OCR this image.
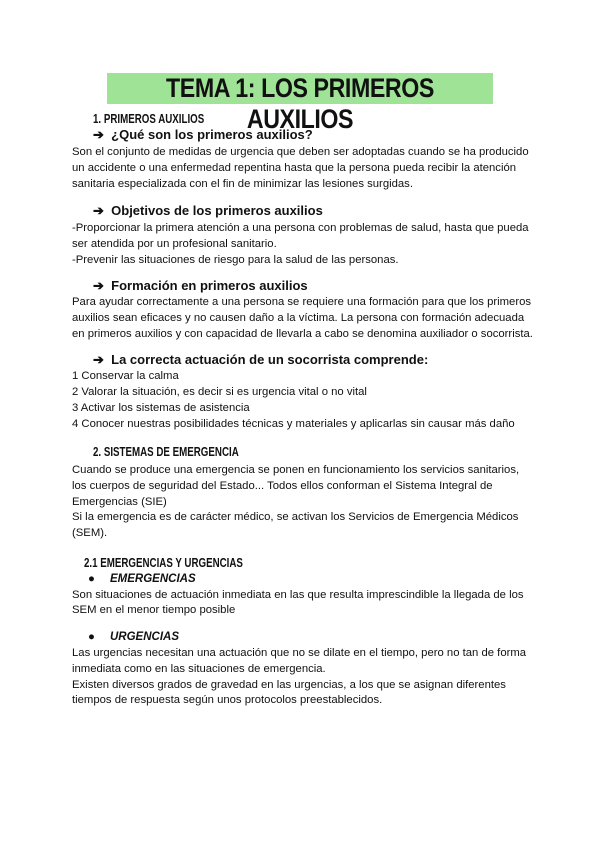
TEMA 1: LOS PRIMEROS AUXILIOS
1. PRIMEROS AUXILIOS
➔ ¿Qué son los primeros auxilios?
Son el conjunto de medidas de urgencia que deben ser adoptadas cuando se ha producido
un accidente o una enfermedad repentina hasta que la persona pueda recibir la atención
sanitaria especializada con el fin de minimizar las lesiones surgidas.
➔ Objetivos de los primeros auxilios
-Proporcionar la primera atención a una persona con problemas de salud, hasta que pueda
ser atendida por un profesional sanitario.
-Prevenir las situaciones de riesgo para la salud de las personas.
➔ Formación en primeros auxilios
Para ayudar correctamente a una persona se requiere una formación para que los primeros
auxilios sean eficaces y no causen daño a la víctima. La persona con formación adecuada
en primeros auxilios y con capacidad de llevarla a cabo se denomina auxiliador o socorrista.
➔ La correcta actuación de un socorrista comprende:
1 Conservar la calma
2 Valorar la situación, es decir si es urgencia vital o no vital
3 Activar los sistemas de asistencia
4 Conocer nuestras posibilidades técnicas y materiales y aplicarlas sin causar más daño
2. SISTEMAS DE EMERGENCIA
Cuando se produce una emergencia se ponen en funcionamiento los servicios sanitarios,
los cuerpos de seguridad del Estado... Todos ellos conforman el Sistema Integral de
Emergencias (SIE)
Si la emergencia es de carácter médico, se activan los Servicios de Emergencia Médicos
(SEM).
2.1 EMERGENCIAS Y URGENCIAS
● EMERGENCIAS
Son situaciones de actuación inmediata en las que resulta imprescindible la llegada de los
SEM en el menor tiempo posible
● URGENCIAS
Las urgencias necesitan una actuación que no se dilate en el tiempo, pero no tan de forma
inmediata como en las situaciones de emergencia.
Existen diversos grados de gravedad en las urgencias, a los que se asignan diferentes
tiempos de respuesta según unos protocolos preestablecidos.
